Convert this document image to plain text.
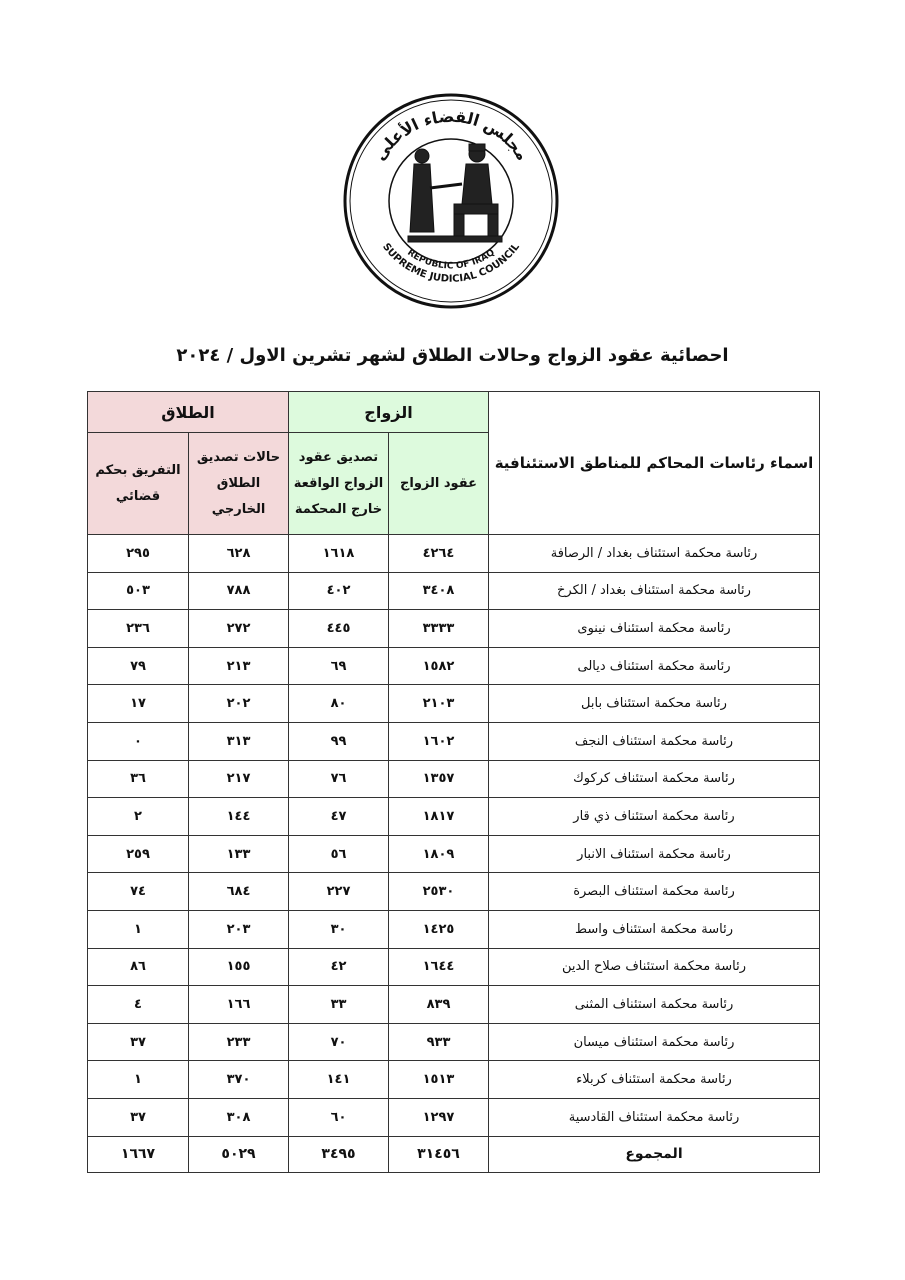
مجلس القضاء الأعلى
REPUBLIC OF IRAQ
SUPREME JUDICIAL COUNCIL
احصائية عقود الزواج وحالات الطلاق لشهر تشرين الاول / ٢٠٢٤
اسماء رئاسات المحاكم للمناطق الاستئنافية	الزواج		الطلاق	
	عقود الزواج	تصديق عقود الزواج الواقعة خارج المحكمة	حالات تصديق الطلاق الخارجي	التفريق بحكم قضائي
رئاسة محكمة استئناف بغداد / الرصافة	٤٢٦٤	١٦١٨	٦٢٨	٢٩٥
رئاسة محكمة استئناف بغداد / الكرخ	٣٤٠٨	٤٠٢	٧٨٨	٥٠٣
رئاسة محكمة استئناف نينوى	٣٣٣٣	٤٤٥	٢٧٢	٢٣٦
رئاسة محكمة استئناف ديالى	١٥٨٢	٦٩	٢١٣	٧٩
رئاسة محكمة استئناف بابل	٢١٠٣	٨٠	٢٠٢	١٧
رئاسة محكمة استئناف النجف	١٦٠٢	٩٩	٣١٣	٠
رئاسة محكمة استئناف كركوك	١٣٥٧	٧٦	٢١٧	٣٦
رئاسة محكمة استئناف ذي قار	١٨١٧	٤٧	١٤٤	٢
رئاسة محكمة استئناف الانبار	١٨٠٩	٥٦	١٣٣	٢٥٩
رئاسة محكمة استئناف البصرة	٢٥٣٠	٢٢٧	٦٨٤	٧٤
رئاسة محكمة استئناف واسط	١٤٢٥	٣٠	٢٠٣	١
رئاسة محكمة استئناف صلاح الدين	١٦٤٤	٤٢	١٥٥	٨٦
رئاسة محكمة استئناف المثنى	٨٣٩	٣٣	١٦٦	٤
رئاسة محكمة استئناف ميسان	٩٣٣	٧٠	٢٣٣	٣٧
رئاسة محكمة استئناف كربلاء	١٥١٣	١٤١	٣٧٠	١
رئاسة محكمة استئناف القادسية	١٢٩٧	٦٠	٣٠٨	٣٧
المجموع	٣١٤٥٦	٣٤٩٥	٥٠٢٩	١٦٦٧
